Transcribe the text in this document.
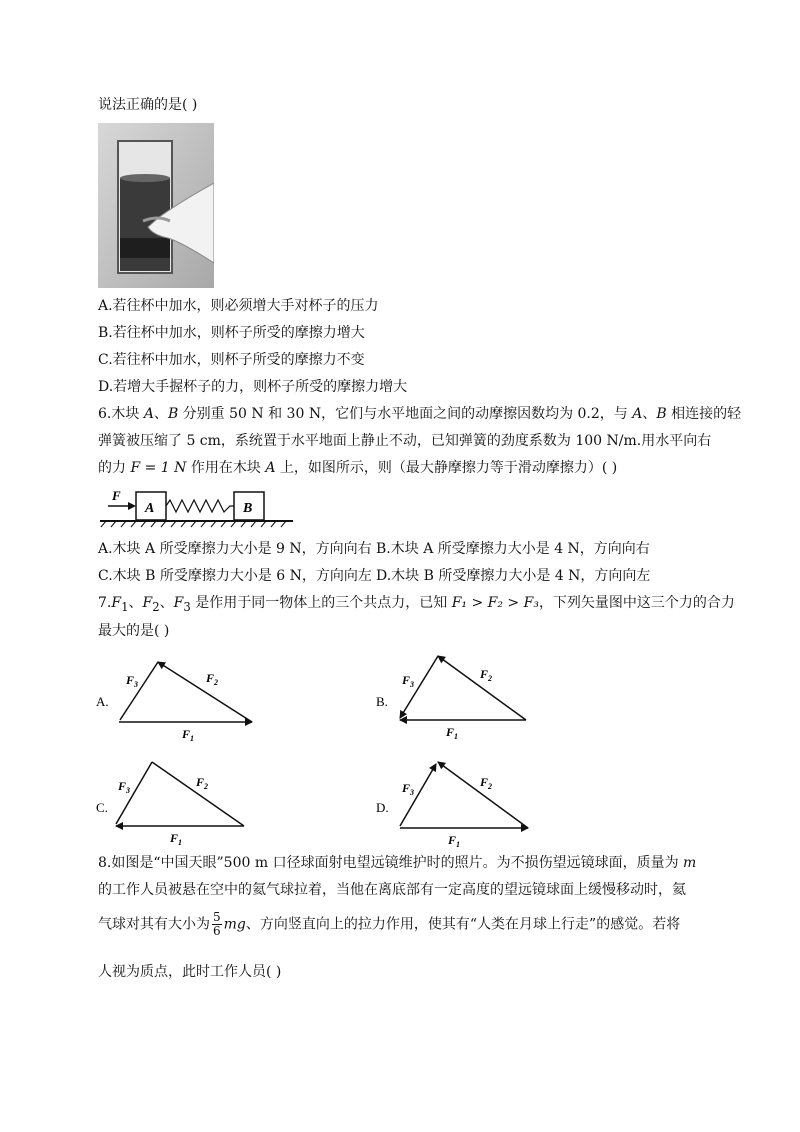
说法正确的是( )
A.若往杯中加水，则必须增大手对杯子的压力
B.若往杯中加水，则杯子所受的摩擦力增大
C.若往杯中加水，则杯子所受的摩擦力不变
D.若增大手握杯子的力，则杯子所受的摩擦力增大
6.木块 A、B 分别重 50 N 和 30 N，它们与水平地面之间的动摩擦因数均为 0.2，与 A、B 相连接的轻
弹簧被压缩了 5 cm，系统置于水平地面上静止不动，已知弹簧的劲度系数为 100 N/m.用水平向右
的力 F = 1 N 作用在木块 A 上，如图所示，则（最大静摩擦力等于滑动摩擦力）( )
F
A	B
A.木块 A 所受摩擦力大小是 9 N，方向向右 B.木块 A 所受摩擦力大小是 4 N，方向向右
C.木块 B 所受摩擦力大小是 6 N，方向向左 D.木块 B 所受摩擦力大小是 4 N，方向向左
$7.F_1$、$F_2$、$F_3$ 是作用于同一物体上的三个共点力，已知 F₁ > F₂ > F₃，下列矢量图中这三个力的合力
最大的是( )
A.
$F_3$	$F_2$
$F_1$
B.
$F_3$
$F_2$
$F_1$
C.
$F_3$
$F_2$
$F_1$
D.
$F_3$
$F_2$
$F_1$
8.如图是“中国天眼”500 m 口径球面射电望远镜维护时的照片。为不损伤望远镜球面，质量为 m
的工作人员被悬在空中的氦气球拉着，当他在离底部有一定高度的望远镜球面上缓慢移动时，氦
气球对其有大小为 $\frac{5}{6}$ mg、方向竖直向上的拉力作用，使其有“人类在月球上行走”的感觉。若将
人视为质点，此时工作人员( )
